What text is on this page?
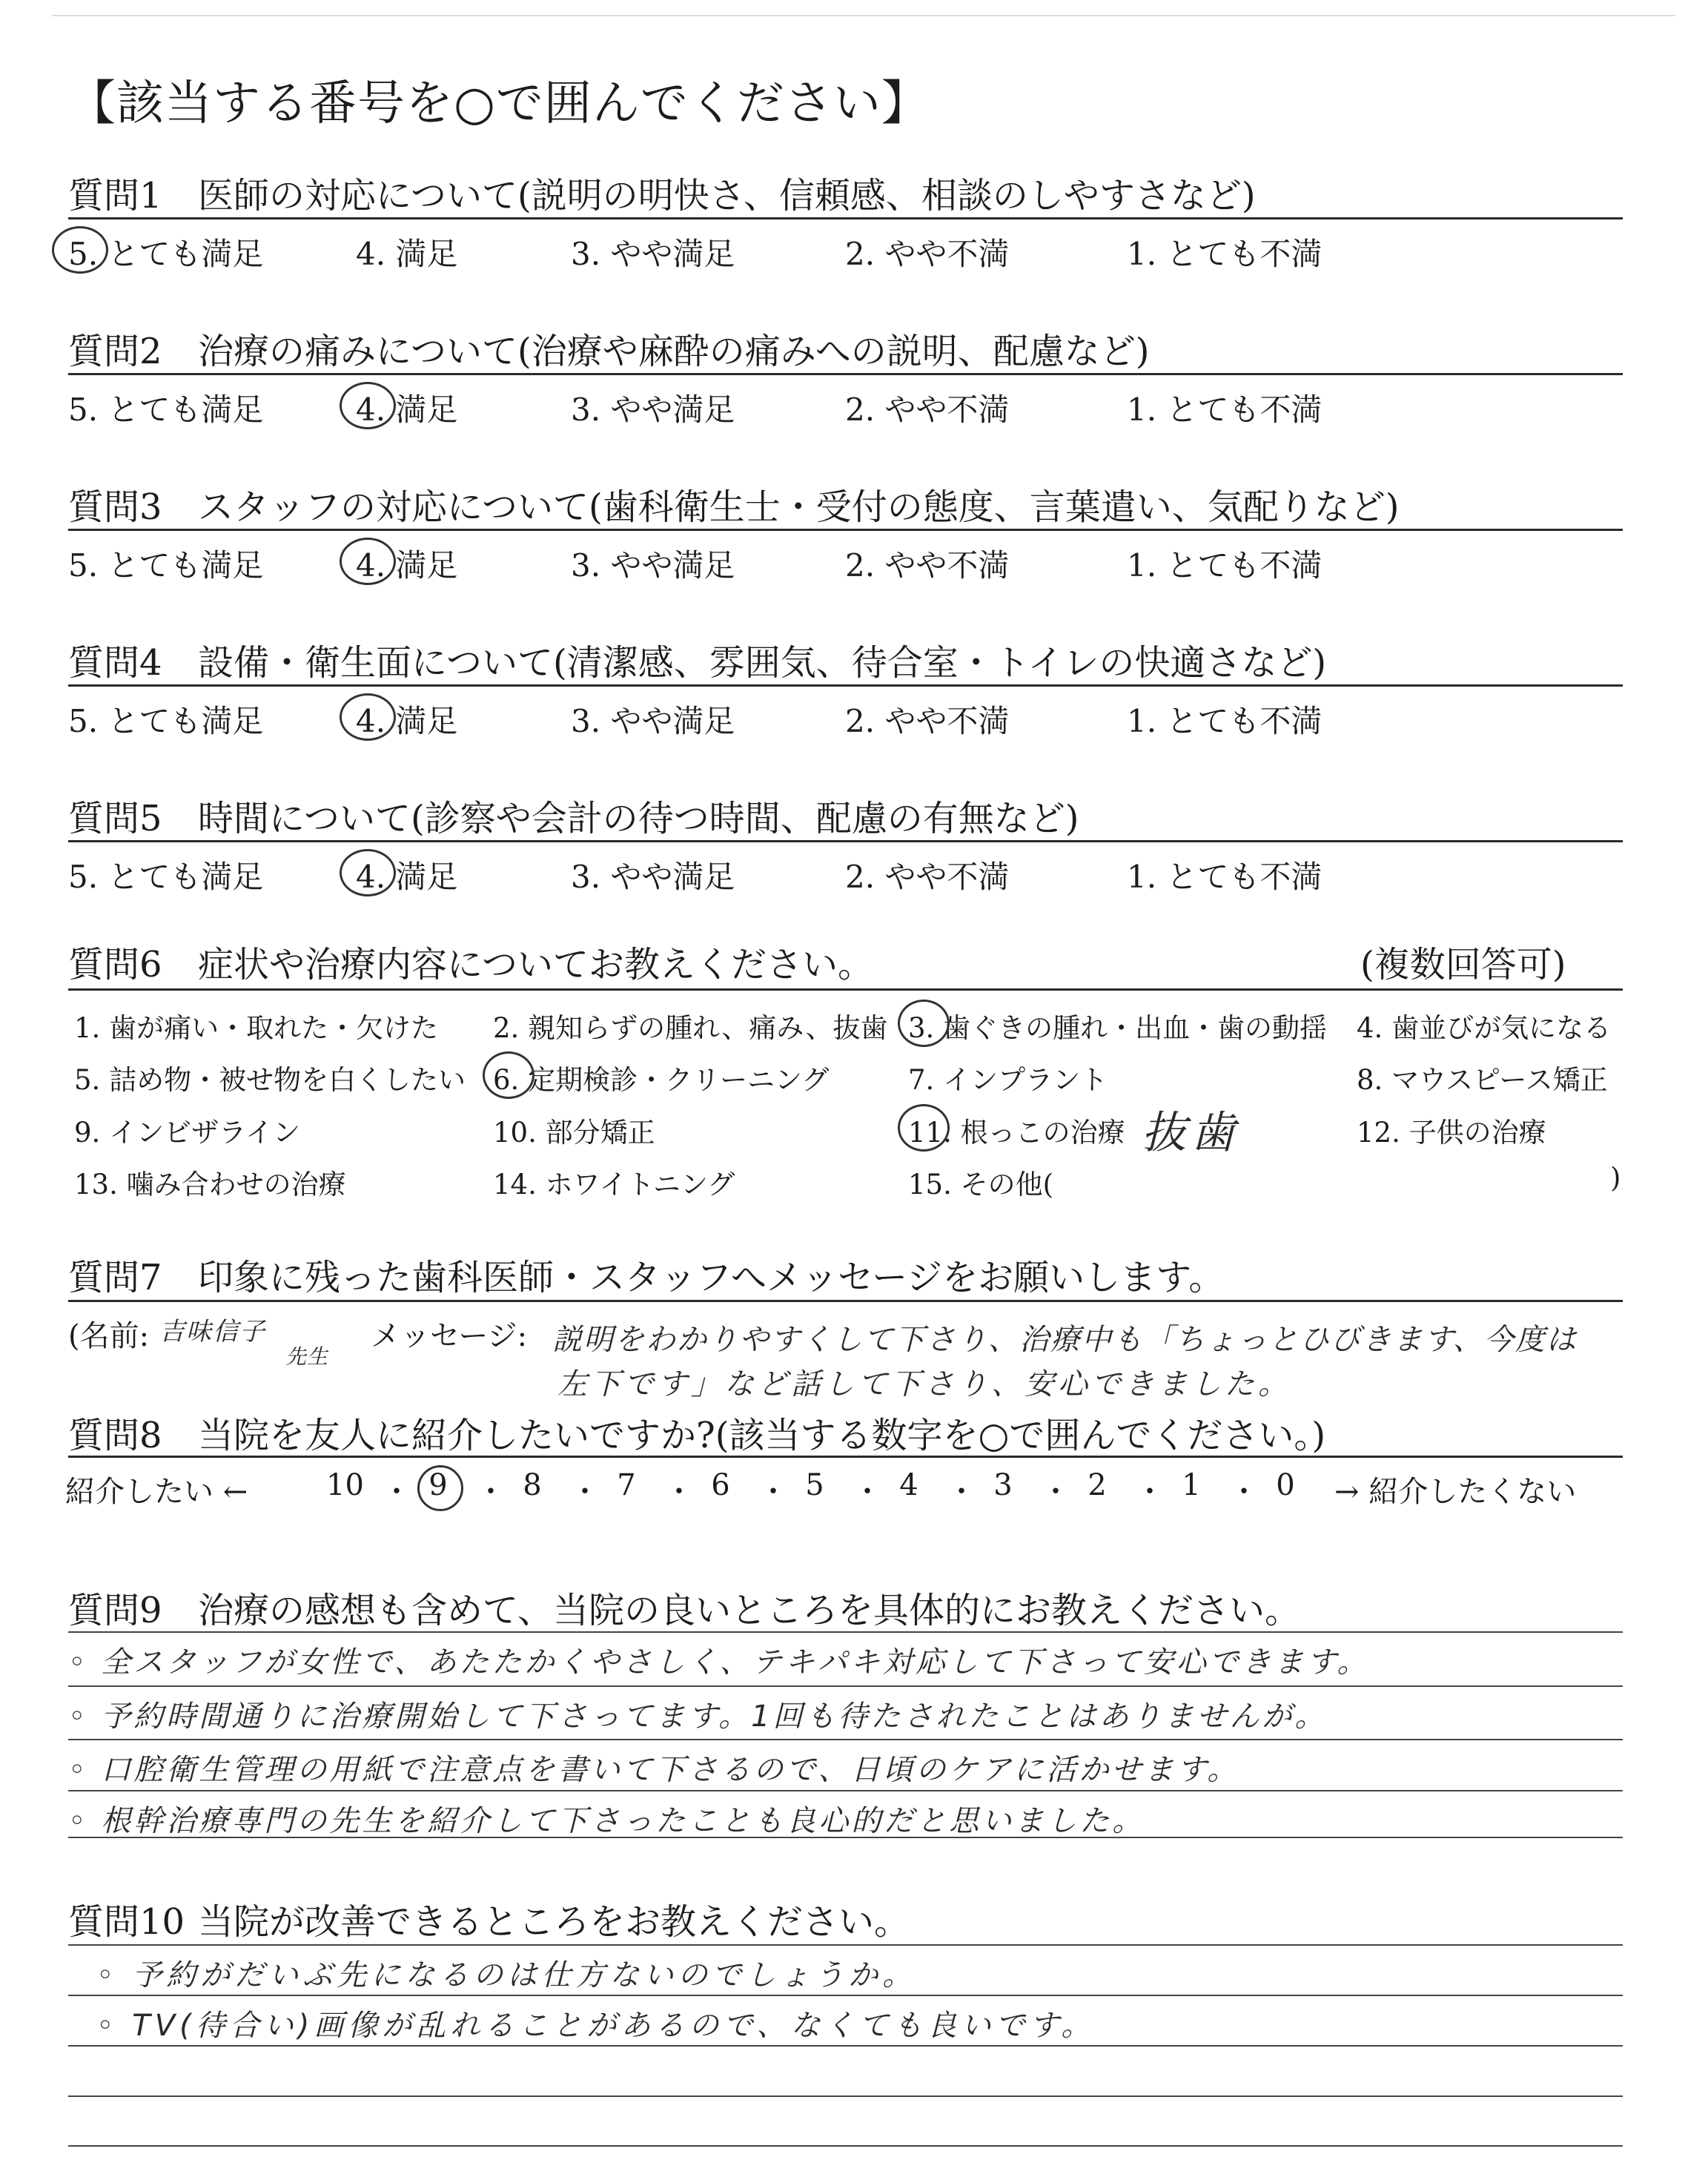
【該当する番号を○で囲んでください】
質問1 医師の対応について(説明の明快さ、信頼感、相談のしやすさなど)
5. とても満足	4. 満足	3. やや満足	2. やや不満	1. とても不満
質問2 治療の痛みについて(治療や麻酔の痛みへの説明、配慮など)
5. とても満足	4. 満足	3. やや満足	2. やや不満	1. とても不満
質問3 スタッフの対応について(歯科衛生士・受付の態度、言葉遣い、気配りなど)
5. とても満足	4. 満足	3. やや満足	2. やや不満	1. とても不満
質問4 設備・衛生面について(清潔感、雰囲気、待合室・トイレの快適さなど)
5. とても満足	4. 満足	3. やや満足	2. やや不満	1. とても不満
質問5 時間について(診察や会計の待つ時間、配慮の有無など)
5. とても満足	4. 満足	3. やや満足	2. やや不満	1. とても不満
質問6 症状や治療内容についてお教えください。	(複数回答可)
1. 歯が痛い・取れた・欠けた 2. 親知らずの腫れ、痛み、抜歯 3. 歯ぐきの腫れ・出血・歯の動揺 4. 歯並びが気になる
5. 詰め物・被せ物を白くしたい 6. 定期検診・クリーニング	7. インプラント	8. マウスピース矯正
9. インビザライン	10. 部分矯正	11. 根っこの治療	12. 子供の治療
13. 噛み合わせの治療	14. ホワイトニング	15. その他(	)
抜歯
質問7 印象に残った歯科医師・スタッフへメッセージをお願いします。
(名前: 吉味信子
先生
メッセージ: 説明をわかりやすくして下さり、治療中も「ちょっとひびきます、今度は
左下です」など話して下さり、安心できました。
質問8 当院を友人に紹介したいですか?(該当する数字を○で囲んでください。)
紹介したい ←	10 ・ 9 ・ 8 ・ 7 ・ 6 ・ 5 ・ 4 ・ 3 ・ 2 ・ 1 ・ 0 → 紹介したくない
質問9 治療の感想も含めて、当院の良いところを具体的にお教えください。
◦ 全スタッフが女性で、あたたかくやさしく、テキパキ対応して下さって安心できます。
◦ 予約時間通りに治療開始して下さってます。1回も待たされたことはありませんが。
◦ 口腔衛生管理の用紙で注意点を書いて下さるので、日頃のケアに活かせます。
◦ 根幹治療専門の先生を紹介して下さったことも良心的だと思いました。
質問10 当院が改善できるところをお教えください。
◦ 予約がだいぶ先になるのは仕方ないのでしょうか。
◦ TV(待合い)画像が乱れることがあるので、なくても良いです。
